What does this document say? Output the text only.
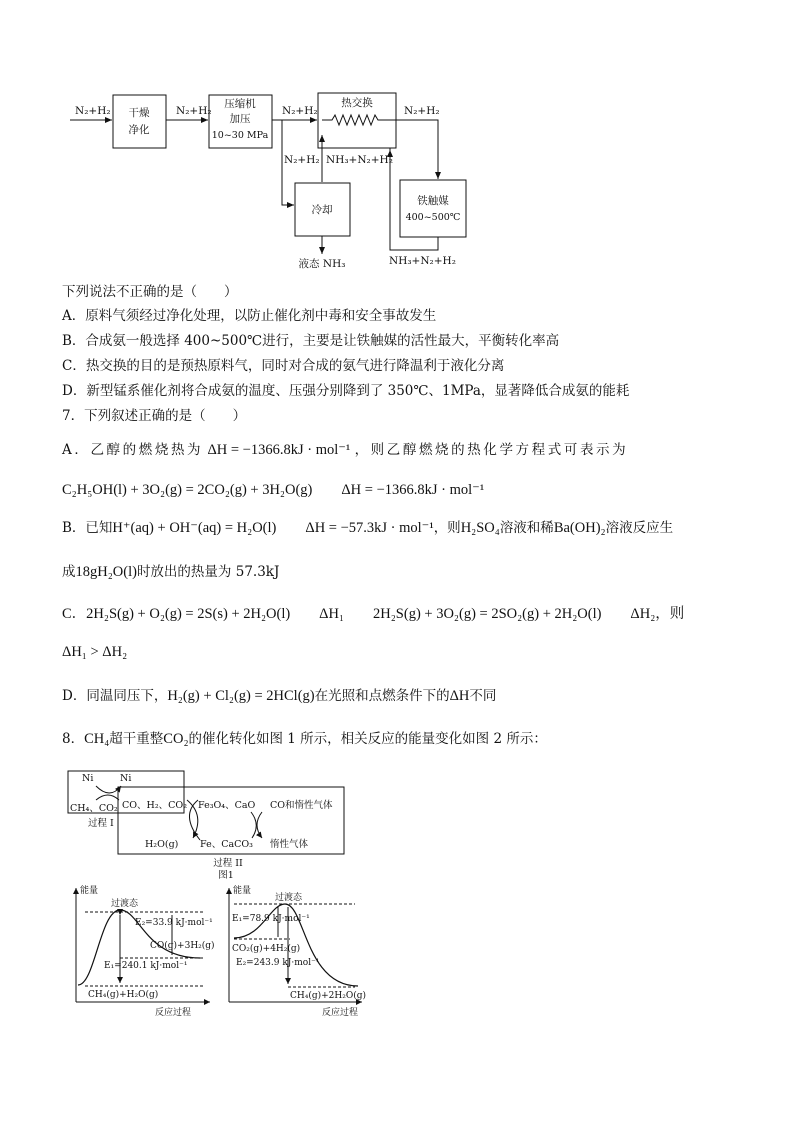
N₂+H₂ 干燥
净化
N₂+H₂
压缩机
加压
10~30 MPa
N₂+H₂
热交换
N₂+H₂
N₂+H₂ NH₃+N₂+H₂
冷却
液态 NH₃
铁触媒
400~500℃
NH₃+N₂+H₂
下列说法不正确的是（　　）
A．原料气须经过净化处理，以防止催化剂中毒和安全事故发生
B．合成氨一般选择 400~500℃进行，主要是让铁触媒的活性最大，平衡转化率高
C．热交换的目的是预热原料气，同时对合成的氨气进行降温利于液化分离
D．新型锰系催化剂将合成氨的温度、压强分别降到了 350℃、1MPa，显著降低合成氨的能耗
7．下列叙述正确的是（　　）
A．乙醇的燃烧热为 ΔH = −1366.8kJ · mol⁻¹ ，则乙醇燃烧的热化学方程式可表示为
C₂H₅OH(l) + 3O₂(g) = 2CO₂(g) + 3H₂O(g)　　ΔH = −1366.8kJ · mol⁻¹
B．已知H⁺(aq) + OH⁻(aq) = H₂O(l)　　ΔH = −57.3kJ · mol⁻¹，则H₂SO₄溶液和稀Ba(OH)₂溶液反应生
成18gH₂O(l)时放出的热量为 57.3kJ
C．2H₂S(g) + O₂(g) = 2S(s) + 2H₂O(l)　　ΔH₁　　2H₂S(g) + 3O₂(g) = 2SO₂(g) + 2H₂O(l)　　ΔH₂，则
ΔH₁ > ΔH₂
D．同温同压下，H₂(g) + Cl₂(g) = 2HCl(g)在光照和点燃条件下的ΔH不同
8．CH₄超干重整CO₂的催化转化如图 1 所示，相关反应的能量变化如图 2 所示：
Ni	Ni
CH₄、CO₂
过程 I
CO、H₂、CO₂ Fe₃O₄、CaO CO和惰性气体
H₂O(g) Fe、CaCO₃ 惰性气体
过程 II
图1
能量
过渡态
E₂=33.9 kJ·mol⁻¹
CO(g)+3H₂(g)
E₁=240.1 kJ·mol⁻¹
CH₄(g)+H₂O(g)
反应过程
能量
过渡态
E₁=78.9 kJ·mol⁻¹
CO₂(g)+4H₂(g)
E₂=243.9 kJ·mol⁻¹
CH₄(g)+2H₂O(g)
反应过程
